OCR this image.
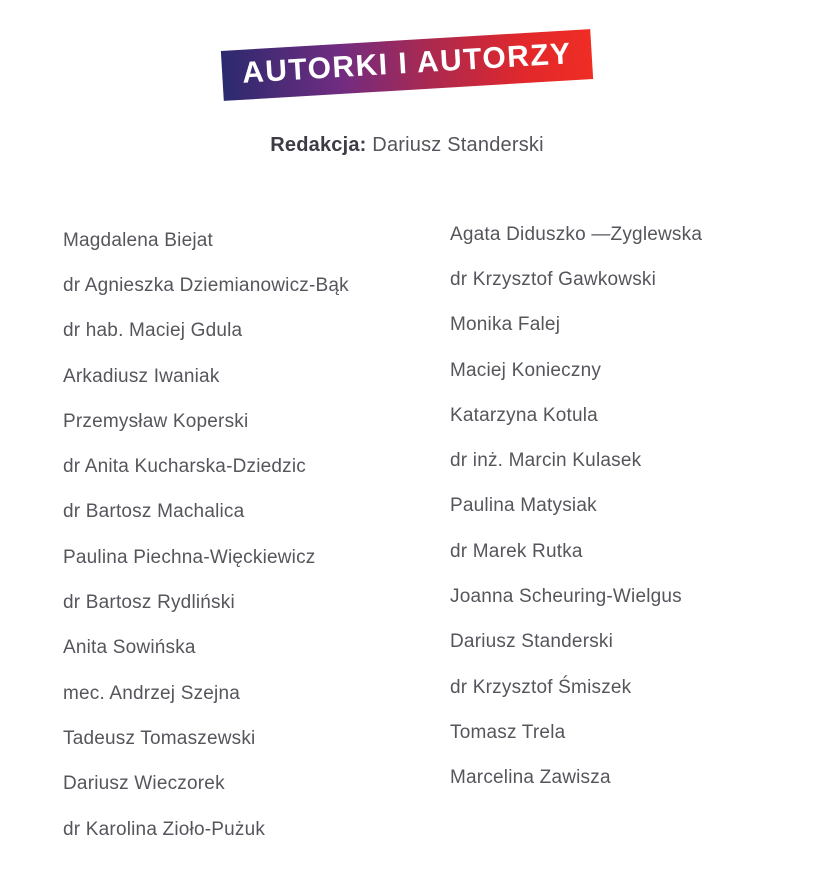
AUTORKI I AUTORZY

Redakcja: Dariusz Standerski

Magdalena Biejat
dr Agnieszka Dziemianowicz-Bąk
dr hab. Maciej Gdula
Arkadiusz Iwaniak
Przemysław Koperski
dr Anita Kucharska-Dziedzic
dr Bartosz Machalica
Paulina Piechna-Więckiewicz
dr Bartosz Rydliński
Anita Sowińska
mec. Andrzej Szejna
Tadeusz Tomaszewski
Dariusz Wieczorek
dr Karolina Zioło-Pużuk
Agata Diduszko —Zyglewska
dr Krzysztof Gawkowski
Monika Falej
Maciej Konieczny
Katarzyna Kotula
dr inż. Marcin Kulasek
Paulina Matysiak
dr Marek Rutka
Joanna Scheuring-Wielgus
Dariusz Standerski
dr Krzysztof Śmiszek
Tomasz Trela
Marcelina Zawisza
